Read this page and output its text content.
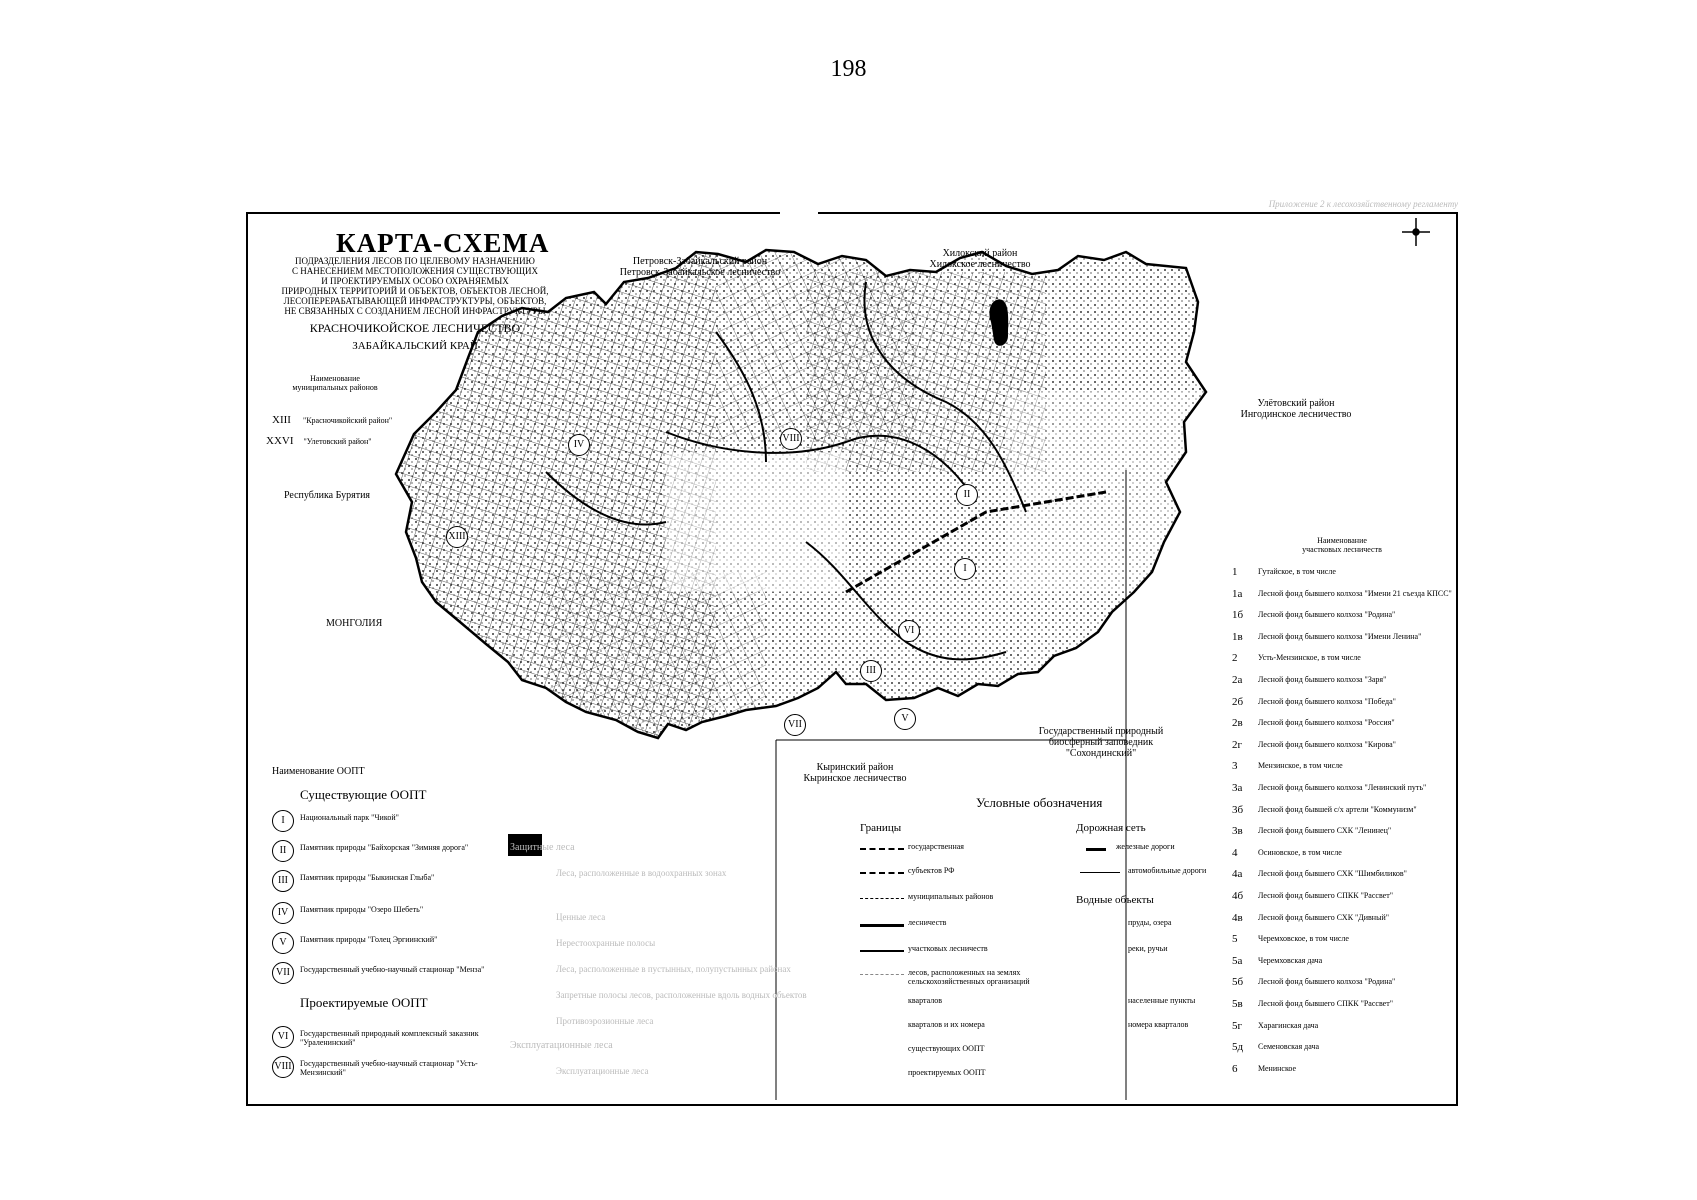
198
Приложение 2 к лесохозяйственному регламенту
КАРТА-СХЕМА
ПОДРАЗДЕЛЕНИЯ ЛЕСОВ ПО ЦЕЛЕВОМУ НАЗНАЧЕНИЮ
С НАНЕСЕНИЕМ МЕСТОПОЛОЖЕНИЯ СУЩЕСТВУЮЩИХ
И ПРОЕКТИРУЕМЫХ ОСОБО ОХРАНЯЕМЫХ
ПРИРОДНЫХ ТЕРРИТОРИЙ И ОБЪЕКТОВ, ОБЪЕКТОВ ЛЕСНОЙ,
ЛЕСОПЕРЕРАБАТЫВАЮЩЕЙ ИНФРАСТРУКТУРЫ, ОБЪЕКТОВ,
НЕ СВЯЗАННЫХ С СОЗДАНИЕМ ЛЕСНОЙ ИНФРАСТРУКТУРЫ
КРАСНОЧИКОЙСКОЕ ЛЕСНИЧЕСТВО
ЗАБАЙКАЛЬСКИЙ КРАЙ
Наименование
муниципальных районов
XIII "Красночикойский район"
XXVI "Улетовский район"
Петровск-Забайкальский район
Петровск-Забайкальское лесничество
Хилокский район
Хилокское лесничество
Улётовский район
Ингодинское лесничество
Республика Бурятия
МОНГОЛИЯ
Кыринский район
Кыринское лесничество
Государственный природный
биосферный заповедник
"Сохондинский"
XIII
IV
II
I
VI
III
VII
V
VIII
Наименование ООПТ
Существующие ООПТ
I	Национальный парк "Чикой"
II	Памятник природы "Байхорская "Зимняя дорога"
III	Памятник природы "Быкинская Глыба"
IV	Памятник природы "Озеро Шебеть"
V	Памятник природы "Голец Эргиинский"
VII	Государственный учебно-научный стационар "Менза"
Проектируемые ООПТ
VI	Государственный природный комплексный заказник "Ураленинский"
VIII Государственный учебно-научный стационар "Усть-Мензинский"
Защитные леса
Леса, расположенные в водоохранных зонах
Ценные леса
Нерестоохранные полосы
Леса, расположенные в пустынных, полупустынных районах
Запретные полосы лесов, расположенные вдоль водных объектов
Противоэрозионные леса
Эксплуатационные леса
Эксплуатационные леса
Условные обозначения
Границы
государственная
субъектов РФ
муниципальных районов
лесничеств
участковых лесничеств
лесов, расположенных на землях сельскохозяйственных организаций
кварталов
кварталов и их номера
существующих ООПТ
проектируемых ООПТ
Дорожная сеть
железные дороги
автомобильные дороги
Водные объекты
пруды, озера
реки, ручьи
населенные пункты
номера кварталов
Наименование
участковых лесничеств
1	Гутайское, в том числе
1а	Лесной фонд бывшего колхоза "Имени 21 съезда КПСС"
1б	Лесной фонд бывшего колхоза "Родина"
1в	Лесной фонд бывшего колхоза "Имени Ленина"
2	Усть-Мензинское, в том числе
2а	Лесной фонд бывшего колхоза "Заря"
2б	Лесной фонд бывшего колхоза "Победа"
2в	Лесной фонд бывшего колхоза "Россия"
2г	Лесной фонд бывшего колхоза "Кирова"
3	Мензинское, в том числе
3а	Лесной фонд бывшего колхоза "Ленинский путь"
3б	Лесной фонд бывшей с/х артели "Коммунизм"
3в	Лесной фонд бывшего СХК "Ленинец"
4	Осиновское, в том числе
4а	Лесной фонд бывшего СХК "Шимбиликов"
4б	Лесной фонд бывшего СПКК "Рассвет"
4в	Лесной фонд бывшего СХК "Дивный"
5	Черемховское, в том числе
5а	Черемховская дача
5б	Лесной фонд бывшего колхоза "Родина"
5в	Лесной фонд бывшего СПКК "Рассвет"
5г	Харагинская дача
5д	Семеновская дача
6	Менинское
